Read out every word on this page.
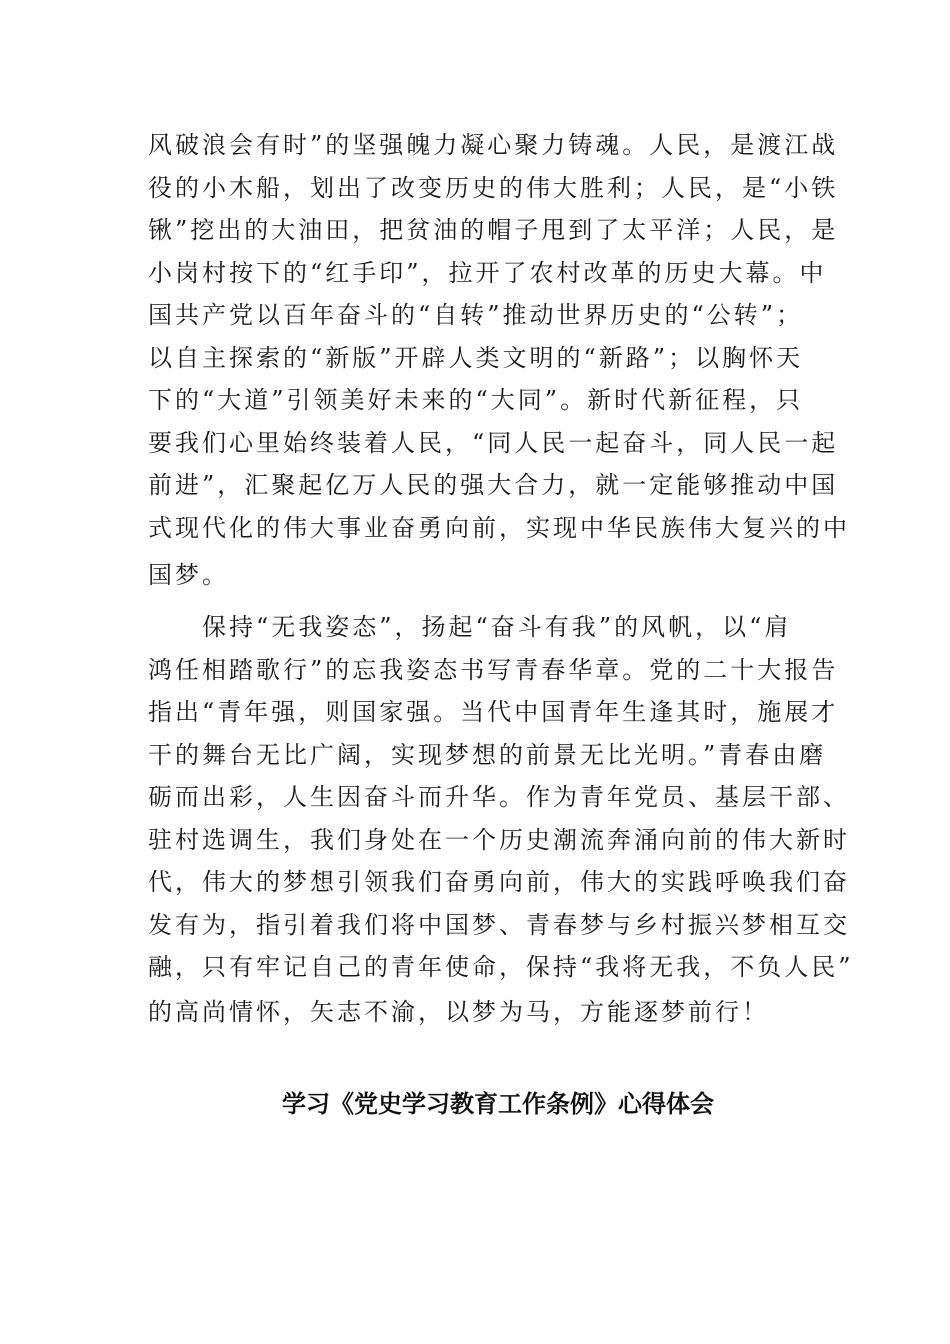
风破浪会有时”的坚强魄力凝心聚力铸魂。人民，是渡江战
役的小木船，划出了改变历史的伟大胜利；人民，是“小铁
锹”挖出的大油田，把贫油的帽子甩到了太平洋；人民，是
小岗村按下的“红手印”，拉开了农村改革的历史大幕。中
国共产党以百年奋斗的“自转”推动世界历史的“公转”；
以自主探索的“新版”开辟人类文明的“新路”；以胸怀天
下的“大道”引领美好未来的“大同”。新时代新征程，只
要我们心里始终装着人民，“同人民一起奋斗，同人民一起
前进”，汇聚起亿万人民的强大合力，就一定能够推动中国
式现代化的伟大事业奋勇向前，实现中华民族伟大复兴的中
国梦。
　　保持“无我姿态”，扬起“奋斗有我”的风帆，以“肩
鸿任相踏歌行”的忘我姿态书写青春华章。党的二十大报告
指出“青年强，则国家强。当代中国青年生逢其时，施展才
干的舞台无比广阔，实现梦想的前景无比光明。”青春由磨
砺而出彩，人生因奋斗而升华。作为青年党员、基层干部、
驻村选调生，我们身处在一个历史潮流奔涌向前的伟大新时
代，伟大的梦想引领我们奋勇向前，伟大的实践呼唤我们奋
发有为，指引着我们将中国梦、青春梦与乡村振兴梦相互交
融，只有牢记自己的青年使命，保持“我将无我，不负人民”
的高尚情怀，矢志不渝，以梦为马，方能逐梦前行！
学习《党史学习教育工作条例》心得体会
